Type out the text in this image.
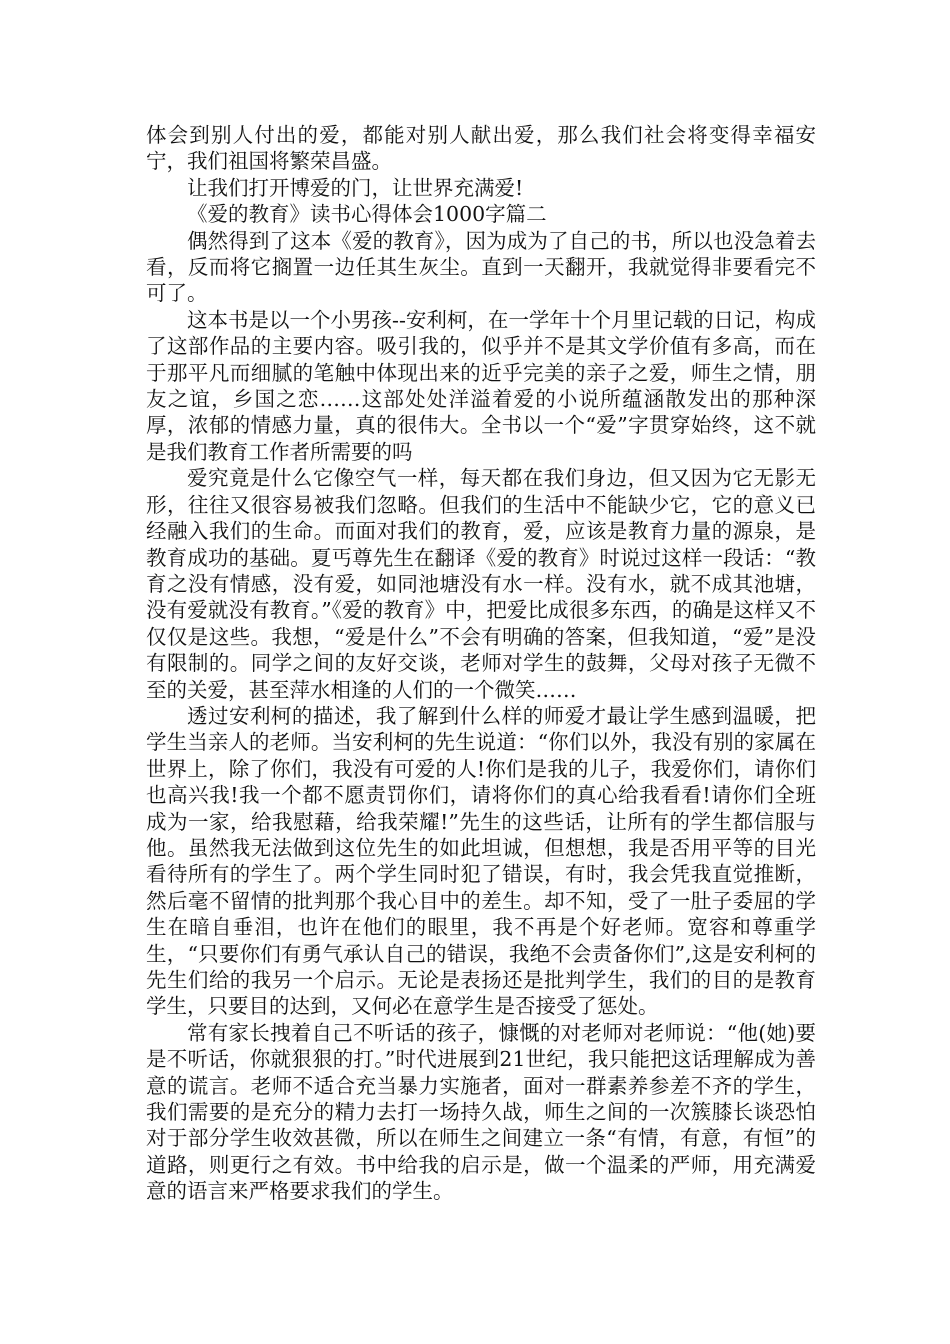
体会到别人付出的爱，都能对别人献出爱，那么我们社会将变得幸福安宁，我们祖国将繁荣昌盛。

让我们打开博爱的门，让世界充满爱!

《爱的教育》读书心得体会1000字篇二

偶然得到了这本《爱的教育》，因为成为了自己的书，所以也没急着去看，反而将它搁置一边任其生灰尘。直到一天翻开，我就觉得非要看完不可了。

这本书是以一个小男孩--安利柯，在一学年十个月里记载的日记，构成了这部作品的主要内容。吸引我的，似乎并不是其文学价值有多高，而在于那平凡而细腻的笔触中体现出来的近乎完美的亲子之爱，师生之情，朋友之谊，乡国之恋……这部处处洋溢着爱的小说所蕴涵散发出的那种深厚，浓郁的情感力量，真的很伟大。全书以一个“爱”字贯穿始终，这不就是我们教育工作者所需要的吗

爱究竟是什么它像空气一样，每天都在我们身边，但又因为它无影无形，往往又很容易被我们忽略。但我们的生活中不能缺少它，它的意义已经融入我们的生命。而面对我们的教育，爱，应该是教育力量的源泉，是教育成功的基础。夏丐尊先生在翻译《爱的教育》时说过这样一段话：“教育之没有情感，没有爱，如同池塘没有水一样。没有水，就不成其池塘，没有爱就没有教育。”《爱的教育》中，把爱比成很多东西，的确是这样又不仅仅是这些。我想，“爱是什么”不会有明确的答案，但我知道，“爱”是没有限制的。同学之间的友好交谈，老师对学生的鼓舞，父母对孩子无微不至的关爱，甚至萍水相逢的人们的一个微笑……

透过安利柯的描述，我了解到什么样的师爱才最让学生感到温暖，把学生当亲人的老师。当安利柯的先生说道：“你们以外，我没有别的家属在世界上，除了你们，我没有可爱的人!你们是我的儿子，我爱你们，请你们也高兴我!我一个都不愿责罚你们，请将你们的真心给我看看!请你们全班成为一家，给我慰藉，给我荣耀!”先生的这些话，让所有的学生都信服与他。虽然我无法做到这位先生的如此坦诚，但想想，我是否用平等的目光看待所有的学生了。两个学生同时犯了错误，有时，我会凭我直觉推断，然后毫不留情的批判那个我心目中的差生。却不知，受了一肚子委屈的学生在暗自垂泪，也许在他们的眼里，我不再是个好老师。宽容和尊重学生，“只要你们有勇气承认自己的错误，我绝不会责备你们”,这是安利柯的先生们给的我另一个启示。无论是表扬还是批判学生，我们的目的是教育学生，只要目的达到，又何必在意学生是否接受了惩处。

常有家长拽着自己不听话的孩子，慷慨的对老师对老师说：“他(她)要是不听话，你就狠狠的打。”时代进展到21世纪，我只能把这话理解成为善意的谎言。老师不适合充当暴力实施者，面对一群素养参差不齐的学生，我们需要的是充分的精力去打一场持久战，师生之间的一次簇膝长谈恐怕对于部分学生收效甚微，所以在师生之间建立一条“有情，有意，有恒”的道路，则更行之有效。书中给我的启示是，做一个温柔的严师，用充满爱意的语言来严格要求我们的学生。
